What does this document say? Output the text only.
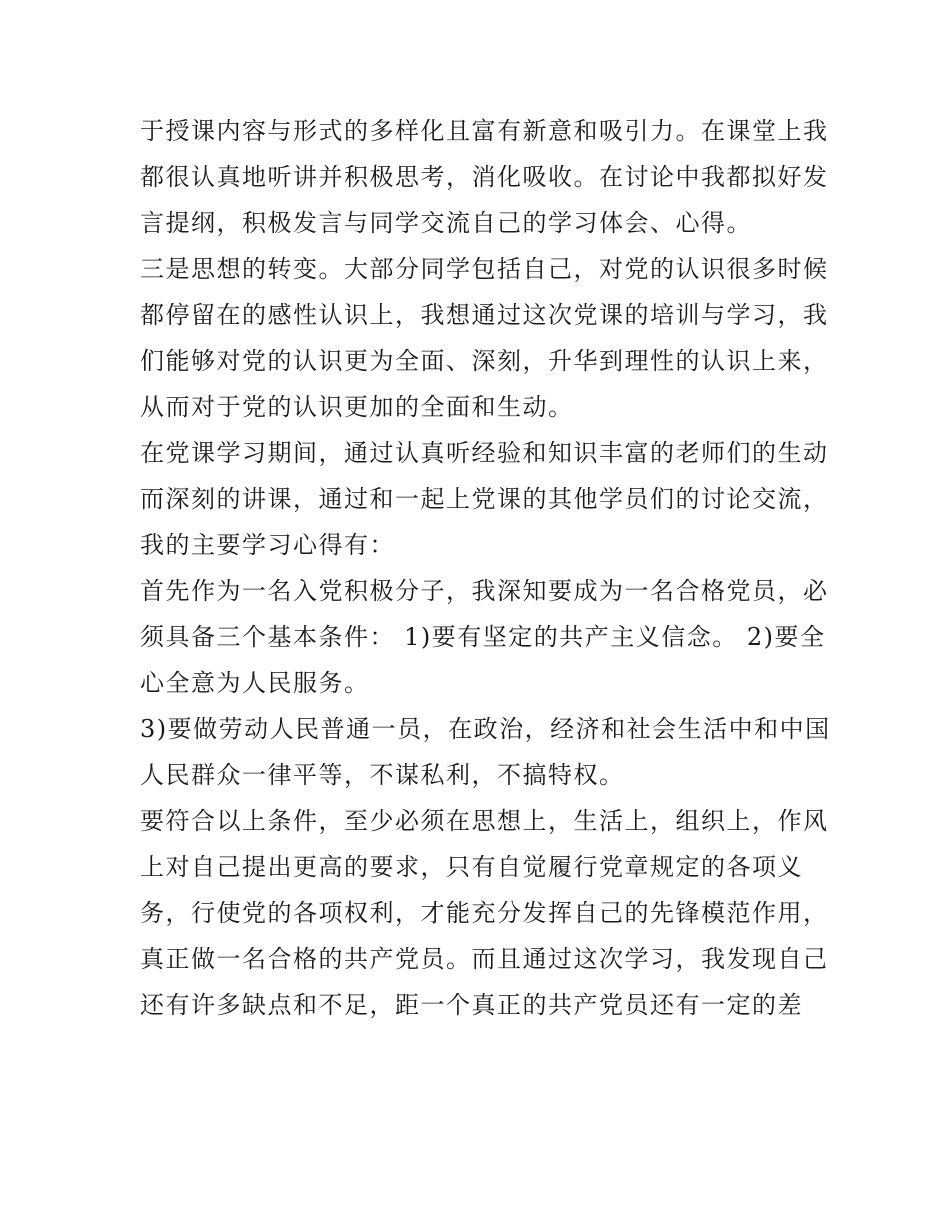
于授课内容与形式的多样化且富有新意和吸引力。在课堂上我
都很认真地听讲并积极思考，消化吸收。在讨论中我都拟好发
言提纲，积极发言与同学交流自己的学习体会、心得。
三是思想的转变。大部分同学包括自己，对党的认识很多时候
都停留在的感性认识上，我想通过这次党课的培训与学习，我
们能够对党的认识更为全面、深刻，升华到理性的认识上来，
从而对于党的认识更加的全面和生动。
在党课学习期间，通过认真听经验和知识丰富的老师们的生动
而深刻的讲课，通过和一起上党课的其他学员们的讨论交流，
我的主要学习心得有：
首先作为一名入党积极分子，我深知要成为一名合格党员，必
须具备三个基本条件： 1)要有坚定的共产主义信念。 2)要全
心全意为人民服务。
3)要做劳动人民普通一员，在政治，经济和社会生活中和中国
人民群众一律平等，不谋私利，不搞特权。
要符合以上条件，至少必须在思想上，生活上，组织上，作风
上对自己提出更高的要求，只有自觉履行党章规定的各项义
务，行使党的各项权利，才能充分发挥自己的先锋模范作用，
真正做一名合格的共产党员。而且通过这次学习，我发现自己
还有许多缺点和不足，距一个真正的共产党员还有一定的差
